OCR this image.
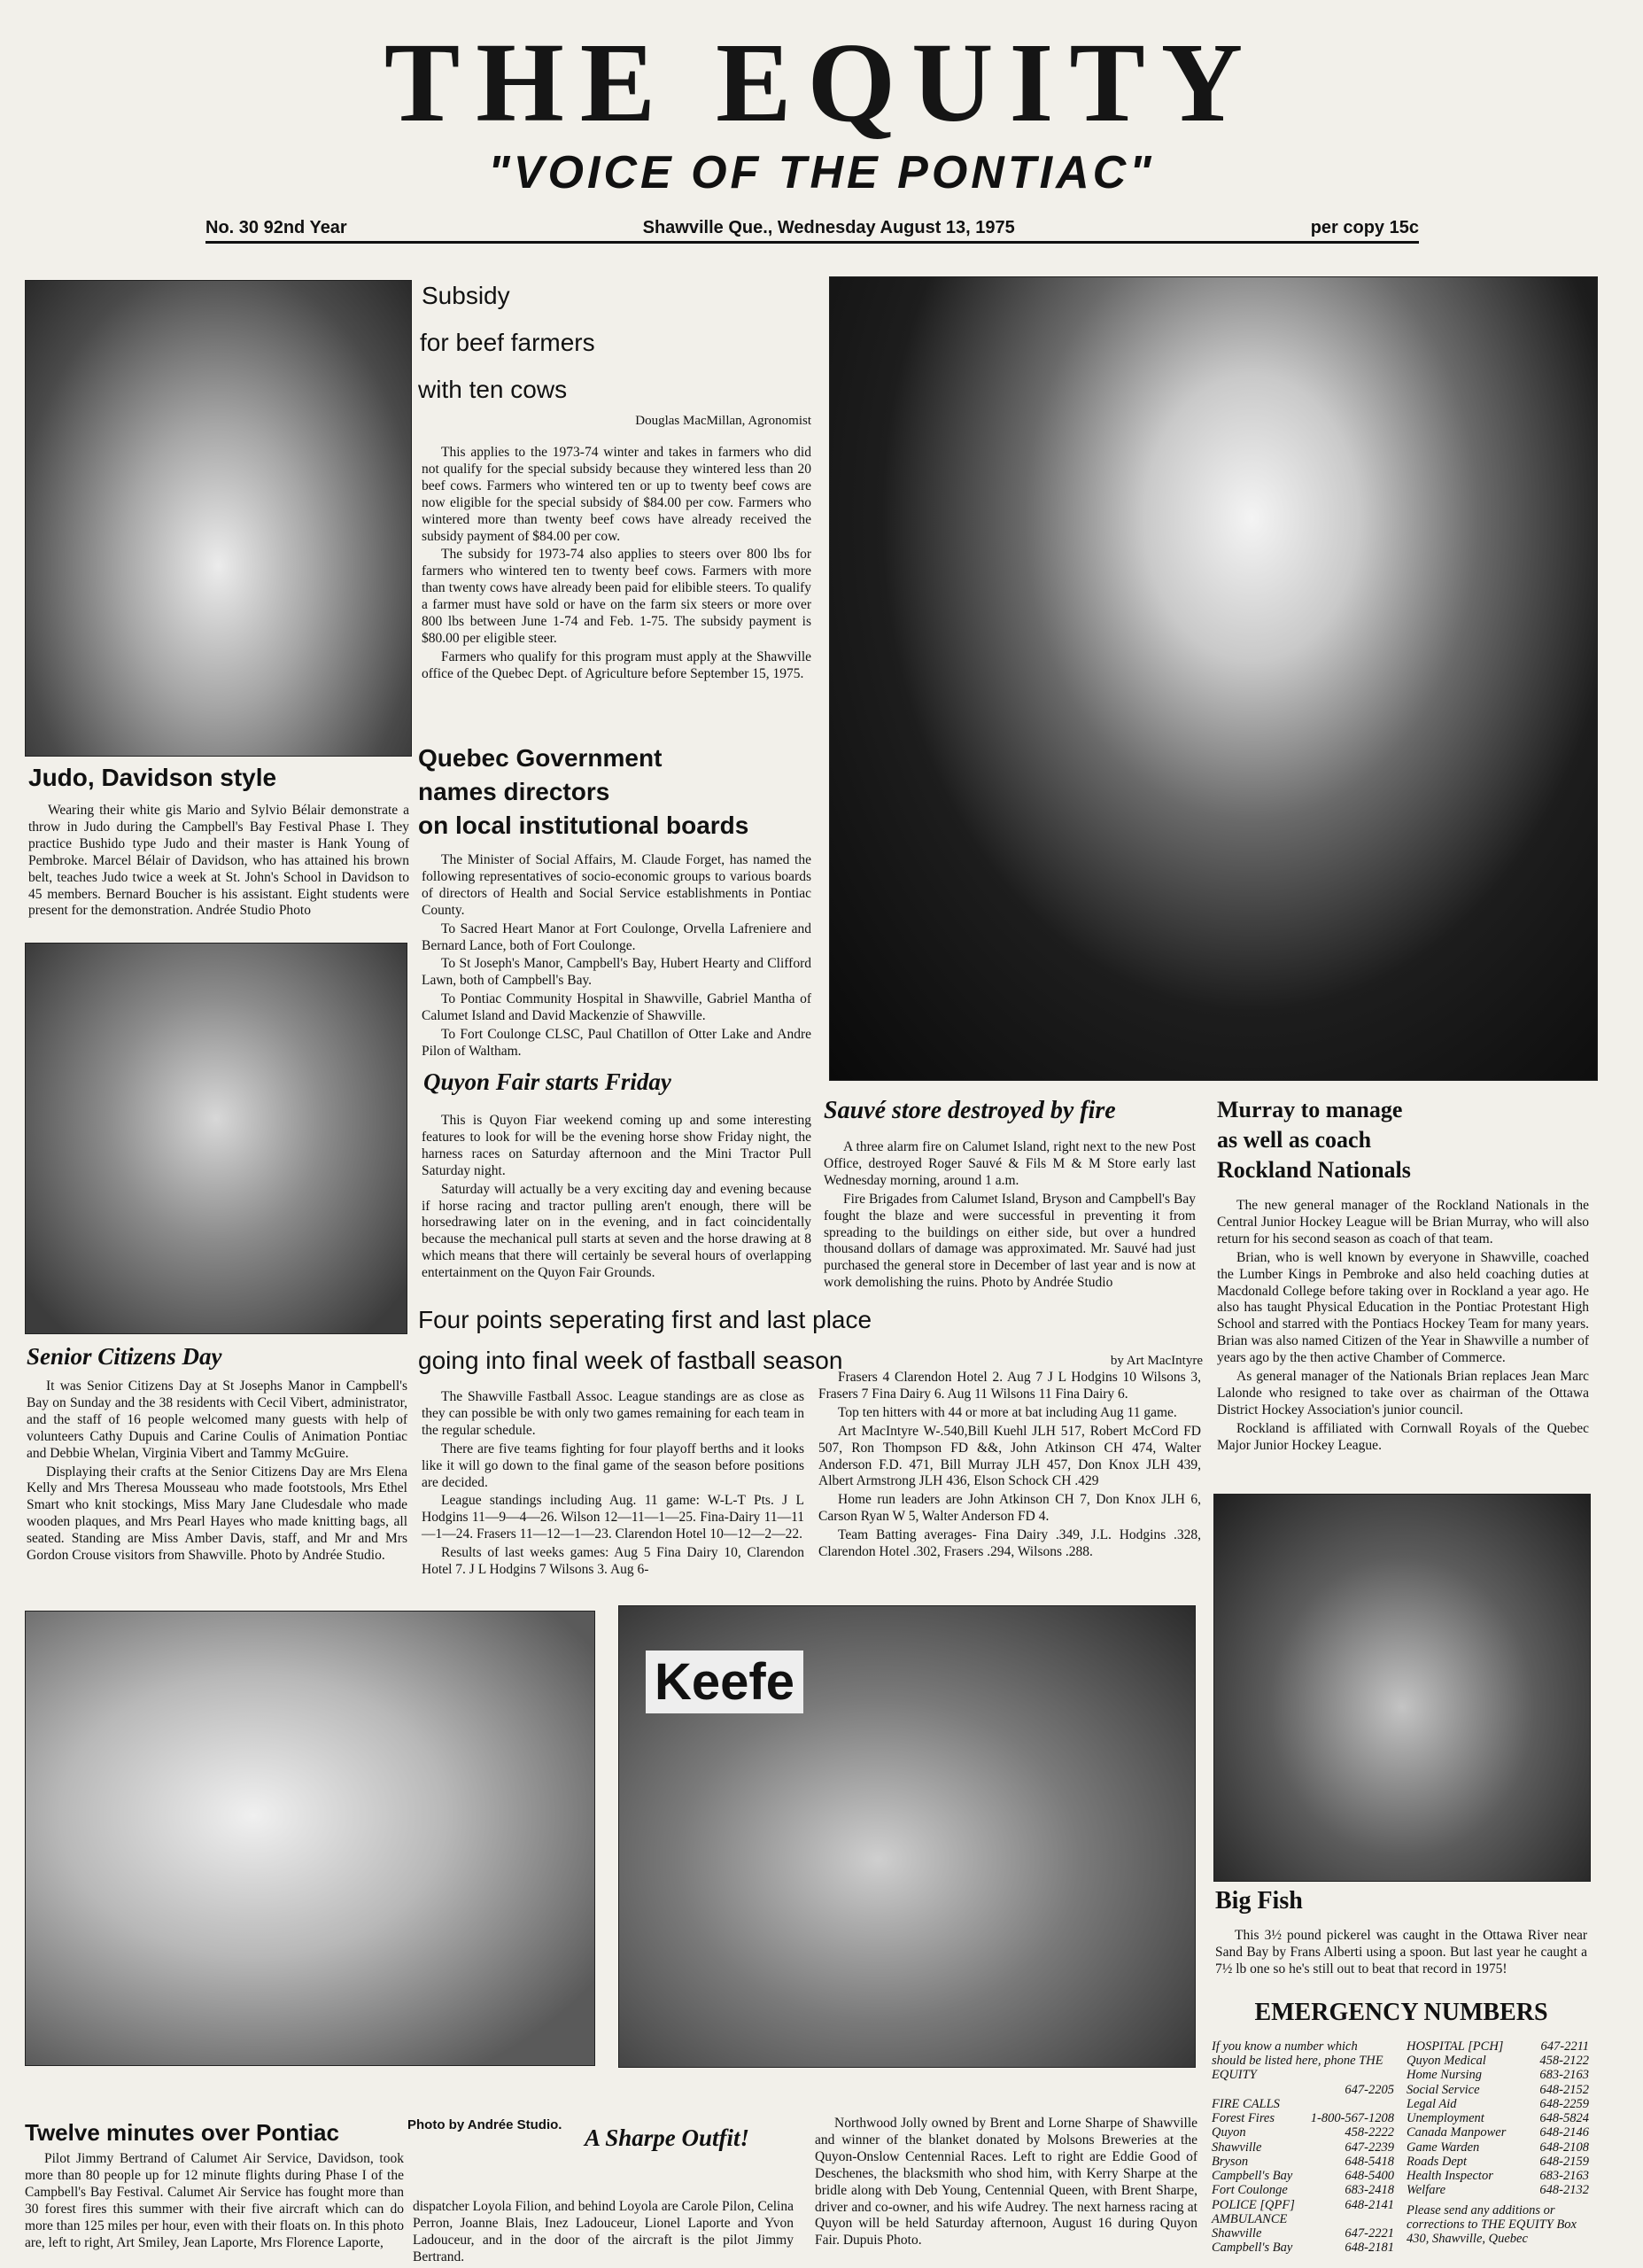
THE EQUITY
"VOICE OF THE PONTIAC"
No. 30 92nd Year	Shawville Que., Wednesday August 13, 1975	per copy 15c
Judo, Davidson style

Wearing their white gis Mario and Sylvio Bélair demonstrate a throw in Judo during the Campbell's Bay Festival Phase I. They practice Bushido type Judo and their master is Hank Young of Pembroke. Marcel Bélair of Davidson, who has attained his brown belt, teaches Judo twice a week at St. John's School in Davidson to 45 members. Bernard Boucher is his assistant. Eight students were present for the demonstration. Andrée Studio Photo

Subsidy
for beef farmers
with ten cows
Douglas MacMillan, Agronomist

This applies to the 1973-74 winter and takes in farmers who did not qualify for the special subsidy because they wintered less than 20 beef cows. Farmers who wintered ten or up to twenty beef cows are now eligible for the special subsidy of $84.00 per cow. Farmers who wintered more than twenty beef cows have already received the subsidy payment of $84.00 per cow.

The subsidy for 1973-74 also applies to steers over 800 lbs for farmers who wintered ten to twenty beef cows. Farmers with more than twenty cows have already been paid for elibible steers. To qualify a farmer must have sold or have on the farm six steers or more over 800 lbs between June 1-74 and Feb. 1-75. The subsidy payment is $80.00 per eligible steer.

Farmers who qualify for this program must apply at the Shawville office of the Quebec Dept. of Agriculture before September 15, 1975.

Quebec Government
names directors
on local institutional boards

The Minister of Social Affairs, M. Claude Forget, has named the following representatives of socio-economic groups to various boards of directors of Health and Social Service establishments in Pontiac County.

To Sacred Heart Manor at Fort Coulonge, Orvella Lafreniere and Bernard Lance, both of Fort Coulonge.

To St Joseph's Manor, Campbell's Bay, Hubert Hearty and Clifford Lawn, both of Campbell's Bay.

To Pontiac Community Hospital in Shawville, Gabriel Mantha of Calumet Island and David Mackenzie of Shawville.

To Fort Coulonge CLSC, Paul Chatillon of Otter Lake and Andre Pilon of Waltham.

Senior Citizens Day

It was Senior Citizens Day at St Josephs Manor in Campbell's Bay on Sunday and the 38 residents with Cecil Vibert, administrator, and the staff of 16 people welcomed many guests with help of volunteers Cathy Dupuis and Carine Coulis of Animation Pontiac and Debbie Whelan, Virginia Vibert and Tammy McGuire.

Displaying their crafts at the Senior Citizens Day are Mrs Elena Kelly and Mrs Theresa Mousseau who made footstools, Mrs Ethel Smart who knit stockings, Miss Mary Jane Cludesdale who made wooden plaques, and Mrs Pearl Hayes who made knitting bags, all seated. Standing are Miss Amber Davis, staff, and Mr and Mrs Gordon Crouse visitors from Shawville. Photo by Andrée Studio.

Quyon Fair starts Friday

This is Quyon Fiar weekend coming up and some interesting features to look for will be the evening horse show Friday night, the harness races on Saturday afternoon and the Mini Tractor Pull Saturday night.

Saturday will actually be a very exciting day and evening because if horse racing and tractor pulling aren't enough, there will be horsedrawing later on in the evening, and in fact coincidentally because the mechanical pull starts at seven and the horse drawing at 8 which means that there will certainly be several hours of overlapping entertainment on the Quyon Fair Grounds.

Sauvé store destroyed by fire

A three alarm fire on Calumet Island, right next to the new Post Office, destroyed Roger Sauvé & Fils M & M Store early last Wednesday morning, around 1 a.m.

Fire Brigades from Calumet Island, Bryson and Campbell's Bay fought the blaze and were successful in preventing it from spreading to the buildings on either side, but over a hundred thousand dollars of damage was approximated. Mr. Sauvé had just purchased the general store in December of last year and is now at work demolishing the ruins. Photo by Andrée Studio

Murray to manage
as well as coach
Rockland Nationals

The new general manager of the Rockland Nationals in the Central Junior Hockey League will be Brian Murray, who will also return for his second season as coach of that team.

Brian, who is well known by everyone in Shawville, coached the Lumber Kings in Pembroke and also held coaching duties at Macdonald College before taking over in Rockland a year ago. He also has taught Physical Education in the Pontiac Protestant High School and starred with the Pontiacs Hockey Team for many years. Brian was also named Citizen of the Year in Shawville a number of years ago by the then active Chamber of Commerce.

As general manager of the Nationals Brian replaces Jean Marc Lalonde who resigned to take over as chairman of the Ottawa District Hockey Association's junior council.

Rockland is affiliated with Cornwall Royals of the Quebec Major Junior Hockey League.

Four points seperating first and last place
going into final week of fastball season	by Art MacIntyre

The Shawville Fastball Assoc. League standings are as close as they can possible be with only two games remaining for each team in the regular schedule.

There are five teams fighting for four playoff berths and it looks like it will go down to the final game of the season before positions are decided.

League standings including Aug. 11 game: W-L-T Pts. J L Hodgins 11—9—4—26. Wilson 12—11—1—25. Fina-Dairy 11—11—1—24. Frasers 11—12—1—23. Clarendon Hotel 10—12—2—22.

Results of last weeks games: Aug 5 Fina Dairy 10, Clarendon Hotel 7. J L Hodgins 7 Wilsons 3. Aug 6-

Frasers 4 Clarendon Hotel 2. Aug 7 J L Hodgins 10 Wilsons 3, Frasers 7 Fina Dairy 6. Aug 11 Wilsons 11 Fina Dairy 6.

Top ten hitters with 44 or more at bat including Aug 11 game.

Art MacIntyre W-.540,Bill Kuehl JLH 517, Robert McCord FD 507, Ron Thompson FD &&, John Atkinson CH 474, Walter Anderson F.D. 471, Bill Murray JLH 457, Don Knox JLH 439, Albert Armstrong JLH 436, Elson Schock CH .429

Home run leaders are John Atkinson CH 7, Don Knox JLH 6, Carson Ryan W 5, Walter Anderson FD 4.

Team Batting averages- Fina Dairy .349, J.L. Hodgins .328, Clarendon Hotel .302, Frasers .294, Wilsons .288.

Big Fish

This 3½ pound pickerel was caught in the Ottawa River near Sand Bay by Frans Alberti using a spoon. But last year he caught a 7½ lb one so he's still out to beat that record in 1975!

EMERGENCY NUMBERS
If you know a number which should be listed here, phone THE EQUITY
647-2205
FIRE CALLS
Forest Fires	1-800-567-1208
Quyon	458-2222
Shawville	647-2239
Bryson	648-5418
Campbell's Bay	648-5400
Fort Coulonge	683-2418
POLICE [QPF]	648-2141
AMBULANCE
Shawville	647-2221
Campbell's Bay	648-2181
HOSPITAL [PCH]	647-2211
Quyon Medical	458-2122
Home Nursing	683-2163
Social Service	648-2152
Legal Aid	648-2259
Unemployment	648-5824
Canada Manpower	648-2146
Game Warden	648-2108
Roads Dept	648-2159
Health Inspector	683-2163
Welfare	648-2132
Please send any additions or corrections to THE EQUITY Box 430, Shawville, Quebec
Twelve minutes over Pontiac	Photo by Andrée Studio.

Pilot Jimmy Bertrand of Calumet Air Service, Davidson, took more than 80 people up for 12 minute flights during Phase I of the Campbell's Bay Festival. Calumet Air Service has fought more than 30 forest fires this summer with their five aircraft which can do more than 125 miles per hour, even with their floats on. In this photo are, left to right, Art Smiley, Jean Laporte, Mrs Florence Laporte,

dispatcher Loyola Filion, and behind Loyola are Carole Pilon, Celina Perron, Joanne Blais, Inez Ladouceur, Lionel Laporte and Yvon Ladouceur, and in the door of the aircraft is the pilot Jimmy Bertrand.

Keefe
A Sharpe Outfit!

Northwood Jolly owned by Brent and Lorne Sharpe of Shawville and winner of the blanket donated by Molsons Breweries at the Quyon-Onslow Centennial Races. Left to right are Eddie Good of Deschenes, the blacksmith who shod him, with Kerry Sharpe at the bridle along with Deb Young, Centennial Queen, with Brent Sharpe, driver and co-owner, and his wife Audrey. The next harness racing at Quyon will be held Saturday afternoon, August 16 during Quyon Fair. Dupuis Photo.
